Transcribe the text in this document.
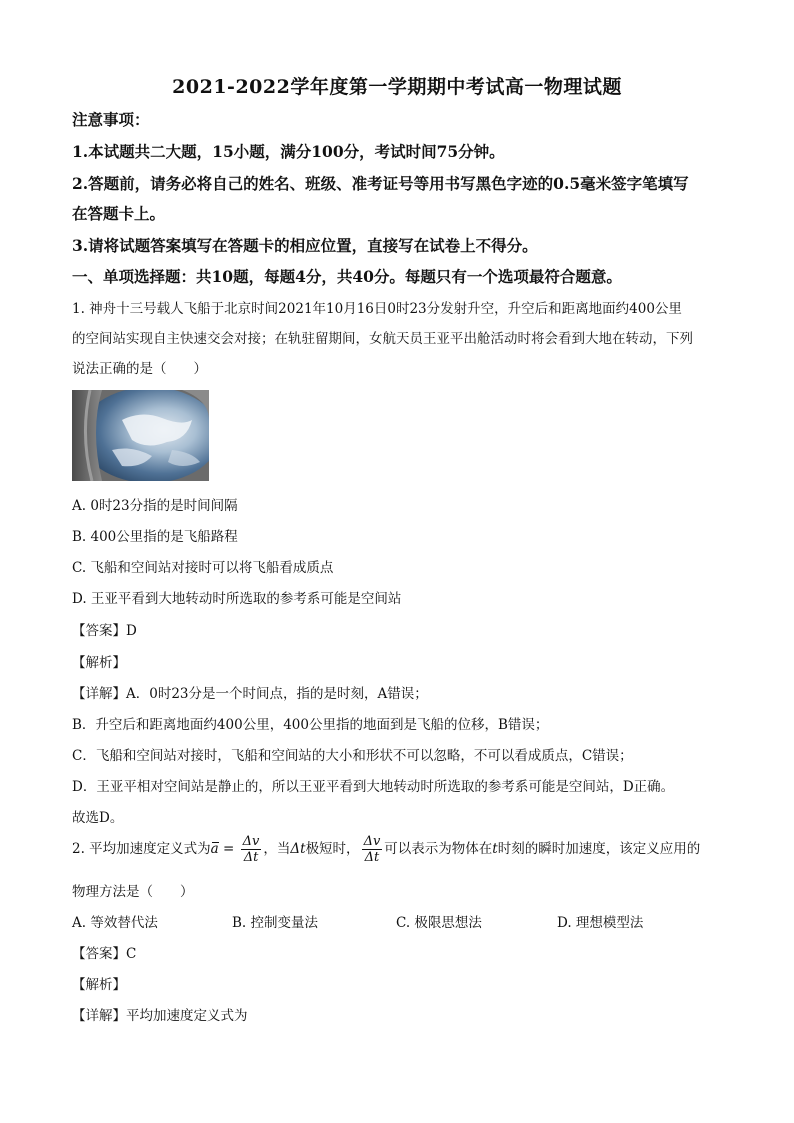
2021-2022学年度第一学期期中考试高一物理试题
注意事项：
1.本试题共二大题，15小题，满分100分，考试时间75分钟。
2.答题前，请务必将自己的姓名、班级、准考证号等用书写黑色字迹的0.5毫米签字笔填写
在答题卡上。
3.请将试题答案填写在答题卡的相应位置，直接写在试卷上不得分。
一、单项选择题：共10题，每题4分，共40分。每题只有一个选项最符合题意。
1. 神舟十三号载人飞船于北京时间2021年10月16日0时23分发射升空，升空后和距离地面约400公里
的空间站实现自主快速交会对接；在轨驻留期间，女航天员王亚平出舱活动时将会看到大地在转动，下列
说法正确的是（　　）
A. 0时23分指的是时间间隔
B. 400公里指的是飞船路程
C. 飞船和空间站对接时可以将飞船看成质点
D. 王亚平看到大地转动时所选取的参考系可能是空间站
【答案】D
【解析】
【详解】A．0时23分是一个时间点，指的是时刻，A错误；
B．升空后和距离地面约400公里，400公里指的地面到是飞船的位移，B错误；
C．飞船和空间站对接时，飞船和空间站的大小和形状不可以忽略，不可以看成质点，C错误；
D．王亚平相对空间站是静止的，所以王亚平看到大地转动时所选取的参考系可能是空间站，D正确。
故选D。
2. 平均加速度定义式为$a = \frac{\Delta v}{\Delta t}$ ，当Δt极短时， $\frac{\Delta v}{\Delta t}$ 可以表示为物体在t时刻的瞬时加速度，该定义应用的
物理方法是（　　）
A. 等效替代法	B. 控制变量法	C. 极限思想法	D. 理想模型法
【答案】C
【解析】
【详解】平均加速度定义式为
